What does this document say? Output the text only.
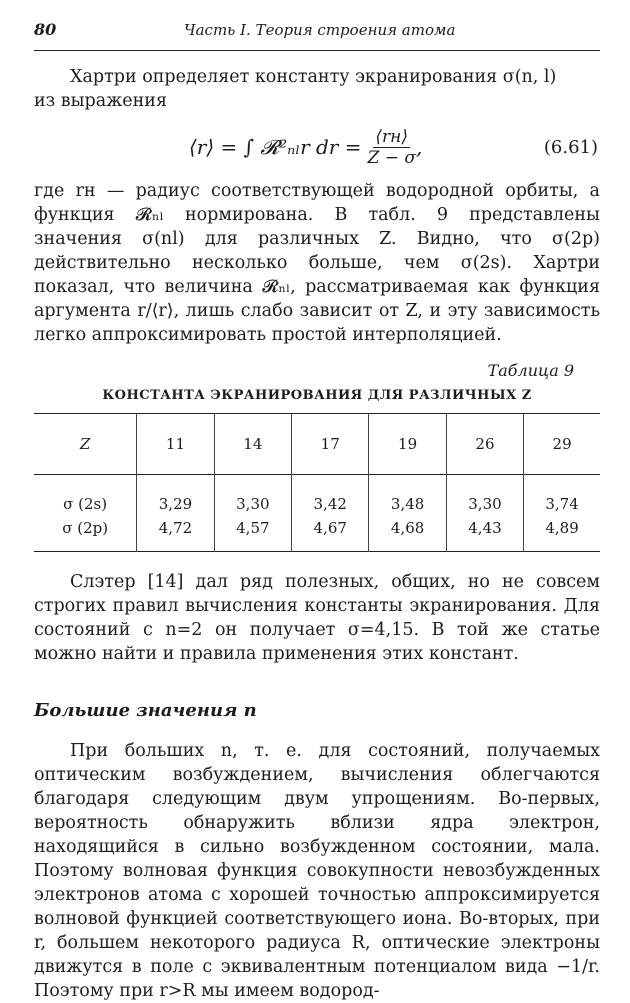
80	Часть I. Теория строения атома

Хартри определяет константу экранирования σ(n, l)

из выражения

⟨r⟩ = ∫ 𝓡²ₙₗr dr = $\frac{⟨rн⟩}{Z - \sigma}$ ,	(6.61)

где rн — радиус соответствующей водородной орбиты, а функция 𝓡ₙₗ нормирована. В табл. 9 представлены значения σ(nl) для различных Z. Видно, что σ(2p) действительно несколько больше, чем σ(2s). Хартри показал, что величина 𝓡ₙₗ, рассматриваемая как функция аргумента r/⟨r⟩, лишь слабо зависит от Z, и эту зависимость легко аппроксимировать простой интерполяцией.

Таблица 9
КОНСТАНТА ЭКРАНИРОВАНИЯ ДЛЯ РАЗЛИЧНЫХ Z
Z	11	14	17	19	26	29
σ (2s)	3,29	3,30	3,42	3,48	3,30	3,74
σ (2p)	4,72	4,57	4,67	4,68	4,43	4,89

Слэтер [14] дал ряд полезных, общих, но не совсем строгих правил вычисления константы экранирования. Для состояний с n=2 он получает σ=4,15. В той же статье можно найти и правила применения этих констант.

Большие значения n

При больших n, т. е. для состояний, получаемых оптическим возбуждением, вычисления облегчаются благодаря следующим двум упрощениям. Во-первых, вероятность обнаружить вблизи ядра электрон, находящийся в сильно возбужденном состоянии, мала. Поэтому волновая функция совокупности невозбужденных электронов атома с хорошей точностью аппроксимируется волновой функцией соответствующего иона. Во-вторых, при r, большем некоторого радиуса R, оптические электроны движутся в поле с эквивалентным потенциалом вида −1/r. Поэтому при r>R мы имеем водород-
